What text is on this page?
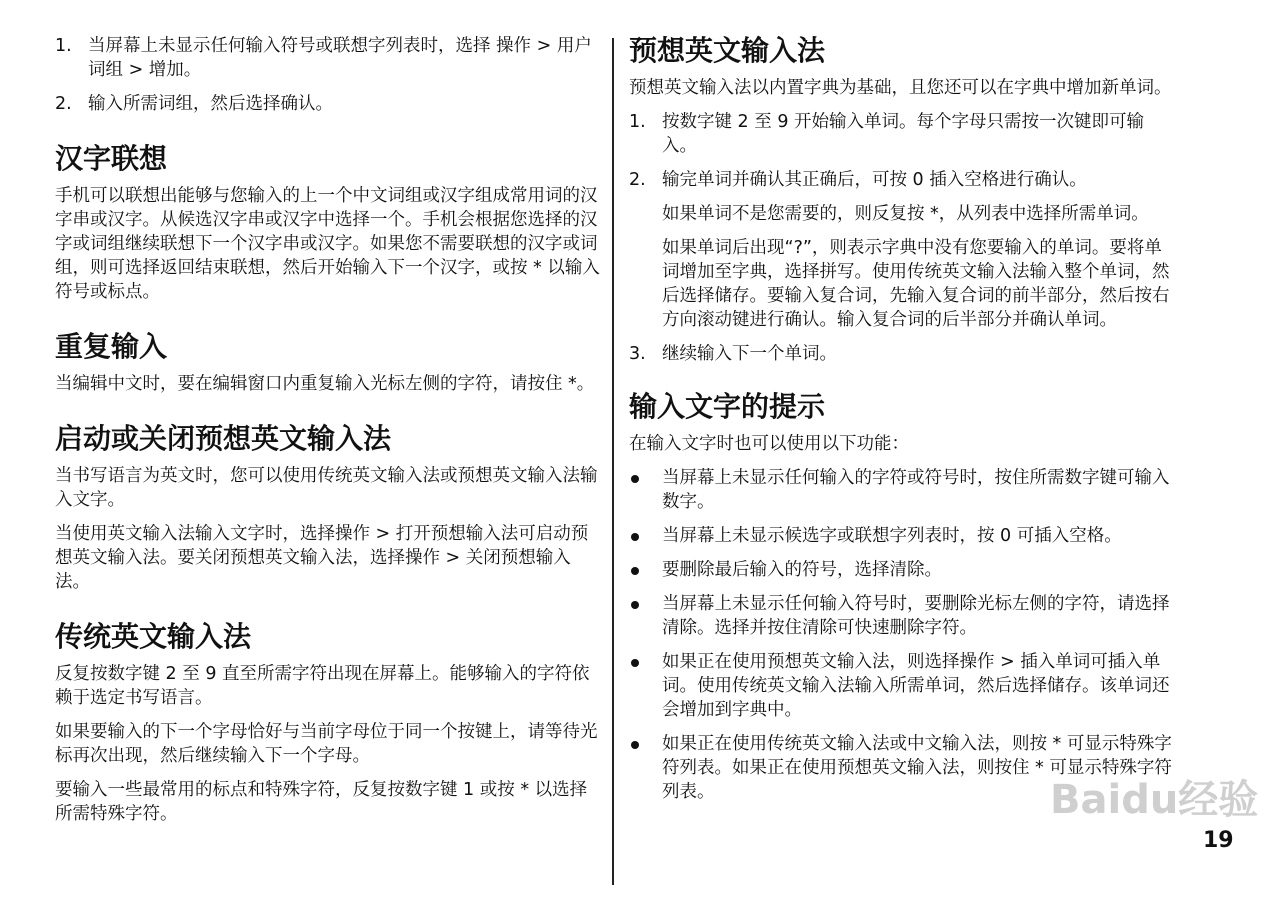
1. 当屏幕上未显示任何输入符号或联想字列表时，选择 操作 > 用户词组 > 增加。
2. 输入所需词组，然后选择确认。
汉字联想

手机可以联想出能够与您输入的上一个中文词组或汉字组成常用词的汉字串或汉字。从候选汉字串或汉字中选择一个。手机会根据您选择的汉字或词组继续联想下一个汉字串或汉字。如果您不需要联想的汉字或词组，则可选择返回结束联想，然后开始输入下一个汉字，或按 * 以输入符号或标点。

重复输入

当编辑中文时，要在编辑窗口内重复输入光标左侧的字符，请按住 *。

启动或关闭预想英文输入法

当书写语言为英文时，您可以使用传统英文输入法或预想英文输入法输入文字。

当使用英文输入法输入文字时，选择操作 > 打开预想输入法可启动预想英文输入法。要关闭预想英文输入法，选择操作 > 关闭预想输入法。

传统英文输入法

反复按数字键 2 至 9 直至所需字符出现在屏幕上。能够输入的字符依赖于选定书写语言。

如果要输入的下一个字母恰好与当前字母位于同一个按键上，请等待光标再次出现，然后继续输入下一个字母。

要输入一些最常用的标点和特殊字符，反复按数字键 1 或按 * 以选择所需特殊字符。

预想英文输入法

预想英文输入法以内置字典为基础，且您还可以在字典中增加新单词。

1. 按数字键 2 至 9 开始输入单词。每个字母只需按一次键即可输入。
2. 输完单词并确认其正确后，可按 0 插入空格进行确认。

如果单词不是您需要的，则反复按 *，从列表中选择所需单词。

如果单词后出现“?”，则表示字典中没有您要输入的单词。要将单词增加至字典，选择拼写。使用传统英文输入法输入整个单词，然后选择储存。要输入复合词，先输入复合词的前半部分，然后按右方向滚动键进行确认。输入复合词的后半部分并确认单词。

3. 继续输入下一个单词。
输入文字的提示

在输入文字时也可以使用以下功能：

当屏幕上未显示任何输入的字符或符号时，按住所需数字键可输入数字。
当屏幕上未显示候选字或联想字列表时，按 0 可插入空格。
要删除最后输入的符号，选择清除。
当屏幕上未显示任何输入符号时，要删除光标左侧的字符，请选择清除。选择并按住清除可快速删除字符。
如果正在使用预想英文输入法，则选择操作 > 插入单词可插入单词。使用传统英文输入法输入所需单词，然后选择储存。该单词还会增加到字典中。
如果正在使用传统英文输入法或中文输入法，则按 * 可显示特殊字符列表。如果正在使用预想英文输入法，则按住 * 可显示特殊字符列表。	Baidu经验
19
